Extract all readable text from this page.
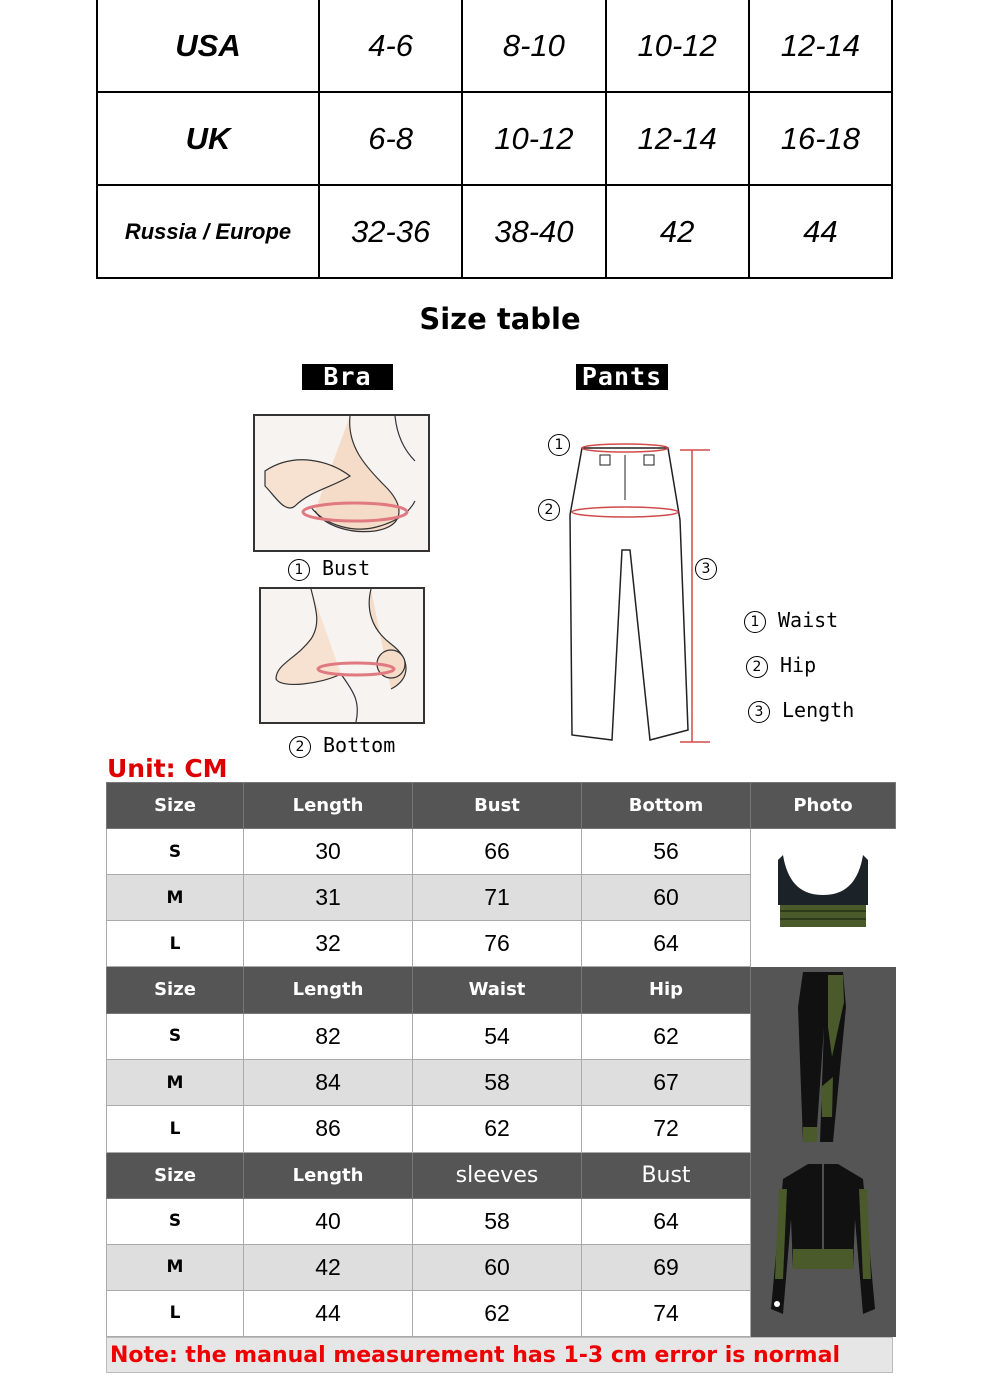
USA	4-6	8-10	10-12	12-14
UK	6-8	10-12	12-14	16-18
Russia / Europe	32-36	38-40	42	44
Size table
Bra
1 Bust
2 Bottom
Pants
1
2
3
1 Waist
2 Hip
3 Length
Unit: CM
Size	Length	Bust	Bottom	Photo
S	30	66	56	
M	31	71	60	
L	32	76	64	
Size	Length	Waist	Hip	
S	82	54	62	
M	84	58	67	
L	86	62	72	
Size	Length	sleeves	Bust	
S	40	58	64	
M	42	60	69	
L	44	62	74	
Note: the manual measurement has 1-3 cm error is normal
